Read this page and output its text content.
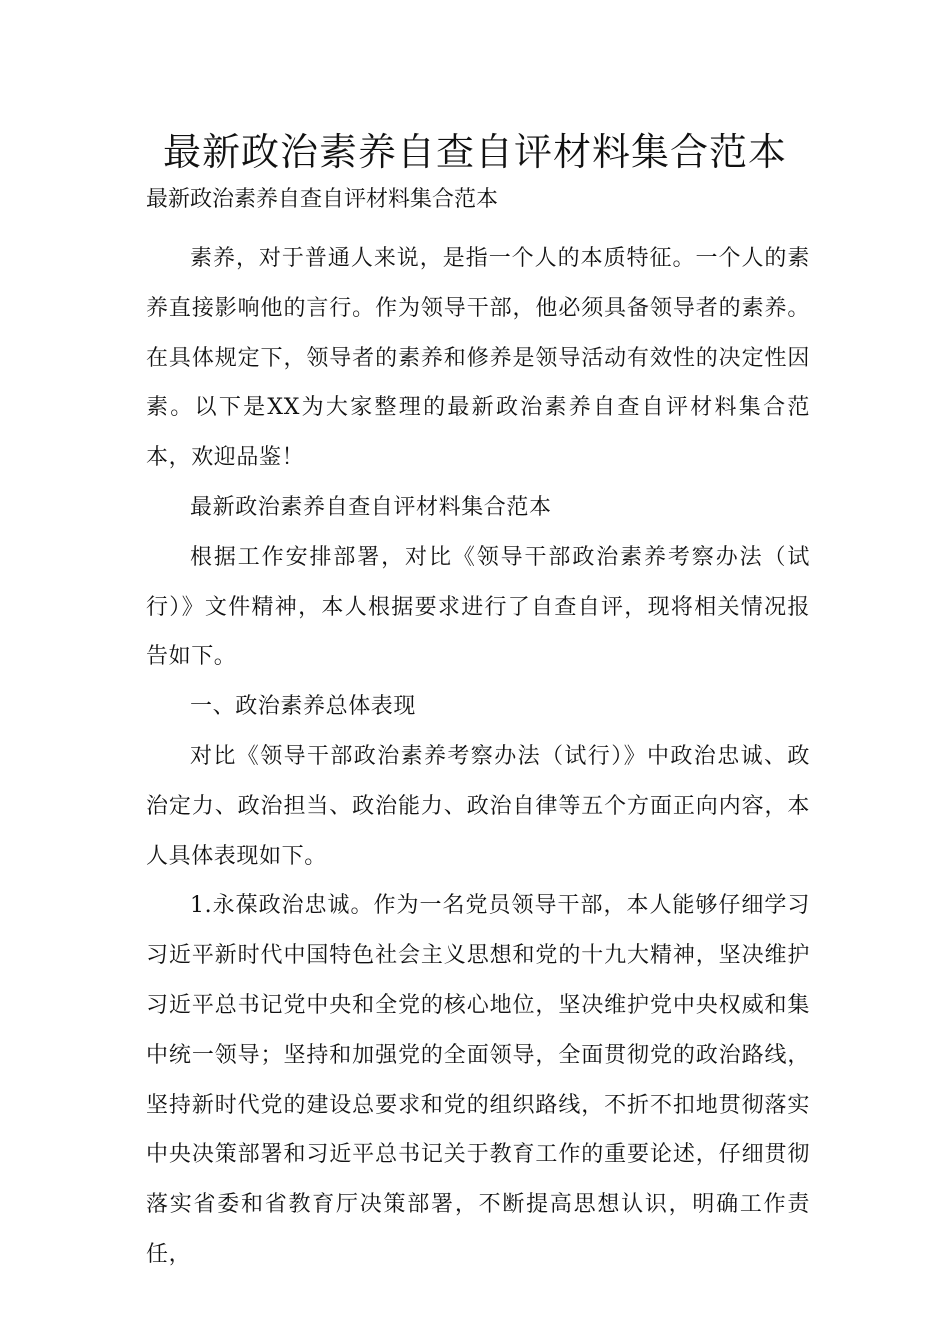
最新政治素养自查自评材料集合范本

最新政治素养自查自评材料集合范本

素养，对于普通人来说，是指一个人的本质特征。一个人的素养直接影响他的言行。作为领导干部，他必须具备领导者的素养。在具体规定下，领导者的素养和修养是领导活动有效性的决定性因素。以下是XX为大家整理的最新政治素养自查自评材料集合范本，欢迎品鉴！

最新政治素养自查自评材料集合范本

根据工作安排部署，对比《领导干部政治素养考察办法（试行）》文件精神，本人根据要求进行了自查自评，现将相关情况报告如下。

一、政治素养总体表现

对比《领导干部政治素养考察办法（试行）》中政治忠诚、政治定力、政治担当、政治能力、政治自律等五个方面正向内容，本人具体表现如下。

1.永葆政治忠诚。作为一名党员领导干部，本人能够仔细学习习近平新时代中国特色社会主义思想和党的十九大精神，坚决维护习近平总书记党中央和全党的核心地位，坚决维护党中央权威和集中统一领导；坚持和加强党的全面领导，全面贯彻党的政治路线，坚持新时代党的建设总要求和党的组织路线，不折不扣地贯彻落实中央决策部署和习近平总书记关于教育工作的重要论述，仔细贯彻落实省委和省教育厅决策部署，不断提高思想认识，明确工作责任，
